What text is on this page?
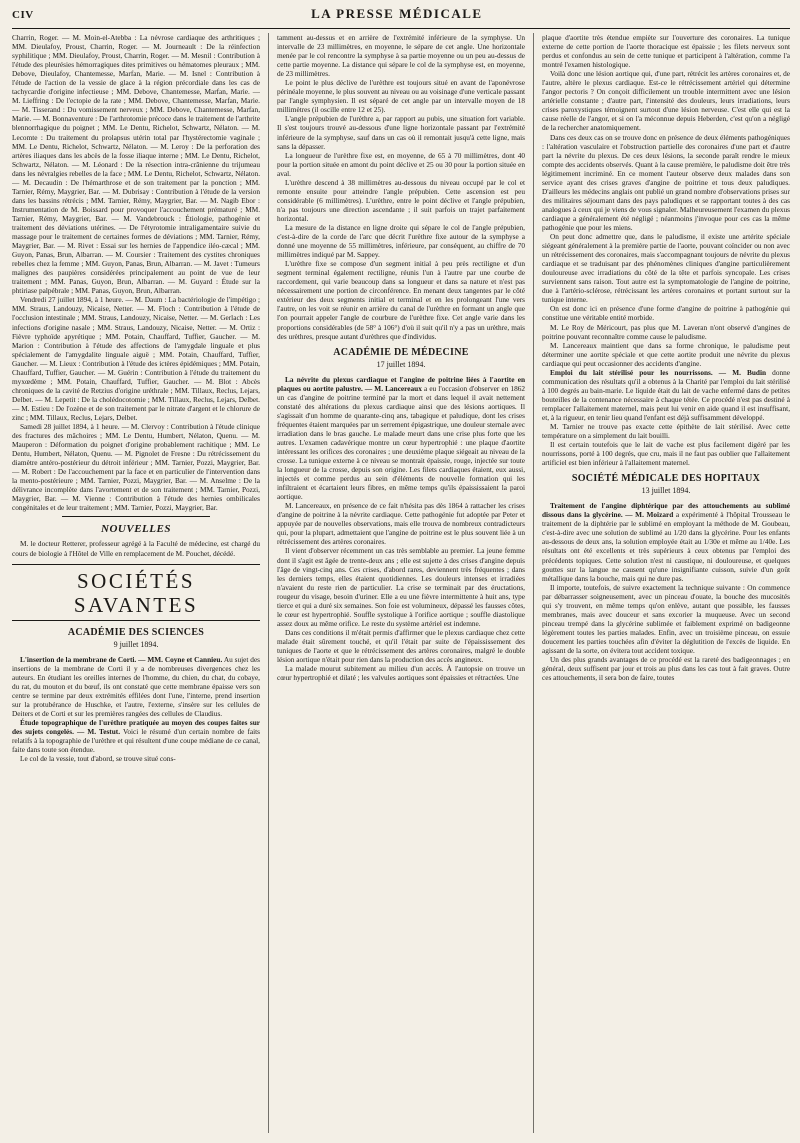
CIV	LA PRESSE MÉDICALE

Charrin, Roger. — M. Moin-el-Atebba : La névrose cardiaque des arthritiques ; MM. Dieulafoy, Proust, Charrin, Roger. — M. Journeault : De la réinfection syphilitique ; MM. Dieulafoy, Proust, Charrin, Roger. — M. Mesnil : Contribution à l'étude des pleurésies hémorragiques dites primitives ou hématomes pleuraux ; MM. Debove, Dieulafoy, Chantemesse, Marfan, Marie. — M. Isnel : Contribution à l'étude de l'action de la vessie de glace à la région précordiale dans les cas de tachycardie d'origine infectieuse ; MM. Debove, Chantemesse, Marfan, Marie. — M. Lieffring : De l'ectopie de la rate ; MM. Debove, Chantemesse, Marfan, Marie. — M. Tisserand : Du vomissement nerveux ; MM. Debove, Chantemesse, Marfan, Marie. — M. Bonnaventure : De l'arthrotomie précoce dans le traitement de l'arthrite blennorrhagique du poignet ; MM. Le Dentu, Richelot, Schwartz, Nélaton. — M. Lecomte : Du traitement du prolapsus utérin total par l'hystérectomie vaginale ; MM. Le Dentu, Richelot, Schwartz, Nélaton. — M. Leroy : De la perforation des artères iliaques dans les abcès de la fosse iliaque interne ; MM. Le Dentu, Richelot, Schwartz, Nélaton. — M. Léonard : De la résection intra-crânienne du trijumeau dans les névralgies rebelles de la face ; MM. Le Dentu, Richelot, Schwartz, Nélaton. — M. Decaudin : De l'hémarthrose et de son traitement par la ponction ; MM. Tarnier, Rémy, Maygrier, Bar. — M. Dubrisay : Contribution à l'étude de la version dans les bassins rétrécis ; MM. Tarnier, Rémy, Maygrier, Bar. — M. Nagib Ebor : Instrumentation de M. Boissard pour provoquer l'accouchement prématuré ; MM. Tarnier, Rémy, Maygrier, Bar. — M. Vandebrouck : Étiologie, pathogénie et traitement des déviations utérines. — De l'étyrotomie intraligamentaire suivie du massage pour le traitement de certaines formes de déviations ; MM. Tarnier, Rémy, Maygrier, Bar. — M. Rivet : Essai sur les hernies de l'appendice iléo-cæcal ; MM. Guyon, Panas, Brun, Albarran. — M. Coursier : Traitement des cystites chroniques rebelles chez la femme ; MM. Guyon, Panas, Brun, Albarran. — M. Javet : Tumeurs malignes des paupières considérées principalement au point de vue de leur traitement ; MM. Panas, Guyon, Brun, Albarran. — M. Guyard : Étude sur la phtiriase palpébrale ; MM. Panas, Guyon, Brun, Albarran.

Vendredi 27 juillet 1894, à 1 heure. — M. Daum : La bactériologie de l'impétigo ; MM. Straus, Landouzy, Nicaise, Netter. — M. Floch : Contribution à l'étude de l'occlusion intestinale ; MM. Straus, Landouzy, Nicaise, Netter. — M. Gerlach : Les infections d'origine nasale ; MM. Straus, Landouzy, Nicaise, Netter. — M. Ortiz : Fièvre typhoïde apyrétique ; MM. Potain, Chauffard, Tuffier, Gaucher. — M. Marion : Contribution à l'étude des affections de l'amygdale linguale et plus spécialement de l'amygdalite linguale aiguë ; MM. Potain, Chauffard, Tuffier, Gaucher. — M. Lieux : Contribution à l'étude des ictères épidémiques ; MM. Potain, Chauffard, Tuffier, Gaucher. — M. Guérin : Contribution à l'étude du traitement du myxœdème ; MM. Potain, Chauffard, Tuffier, Gaucher. — M. Blot : Abcès chroniques de la cavité de Retzius d'origine uréthrale ; MM. Tillaux, Reclus, Lejars, Delbet. — M. Lepetit : De la cholédocotomie ; MM. Tillaux, Reclus, Lejars, Delbet. — M. Estieu : De l'ozène et de son traitement par le nitrate d'argent et le chlorure de zinc ; MM. Tillaux, Reclus, Lejars, Delbet.

Samedi 28 juillet 1894, à 1 heure. — M. Clervoy : Contribution à l'étude clinique des fractures des mâchoires ; MM. Le Dentu, Humbert, Nélaton, Quenu. — M. Mauperon : Déformation du poignet d'origine probablement rachitique ; MM. Le Dentu, Humbert, Nélaton, Quenu. — M. Pignolet de Fresne : Du rétrécissement du diamètre antéro-postérieur du détroit inférieur ; MM. Tarnier, Pozzi, Maygrier, Bar. — M. Robert : De l'accouchement par la face et en particulier de l'intervention dans la mento-postérieure ; MM. Tarnier, Pozzi, Maygrier, Bar. — M. Anselme : De la délivrance incomplète dans l'avortement et de son traitement ; MM. Tarnier, Pozzi, Maygrier, Bar. — M. Vienne : Contribution à l'étude des hernies ombilicales congénitales et de leur traitement ; MM. Tarnier, Pozzi, Maygrier, Bar.

NOUVELLES

M. le docteur Retterer, professeur agrégé à la Faculté de médecine, est chargé du cours de biologie à l'Hôtel de Ville en remplacement de M. Pouchet, décédé.

SOCIÉTÉS SAVANTES
ACADÉMIE DES SCIENCES
9 juillet 1894.

L'insertion de la membrane de Corti. — MM. Coyne et Cannieu. Au sujet des insertions de la membrane de Corti il y a de nombreuses divergences chez les auteurs. En étudiant les oreilles internes de l'homme, du chien, du chat, du cobaye, du rat, du mouton et du bœuf, ils ont constaté que cette membrane épaisse vers son centre se termine par deux extrémités effilées dont l'une, l'interne, prend insertion sur la protubérance de Huschke, et l'autre, l'externe, s'insère sur les cellules de Deiters et de Corti et sur les premières rangées des cellules de Claudius.

Étude topographique de l'urèthre pratiquée au moyen des coupes faites sur des sujets congelés. — M. Testut. Voici le résumé d'un certain nombre de faits relatifs à la topographie de l'urèthre et qui résultent d'une coupe médiane de ce canal, faite dans toute son étendue.

Le col de la vessie, tout d'abord, se trouve situé cons-

tamment au-dessus et en arrière de l'extrémité inférieure de la symphyse. Un intervalle de 23 millimètres, en moyenne, le sépare de cet angle. Une horizontale menée par le col rencontre la symphyse à sa partie moyenne ou un peu au-dessus de cette partie moyenne. La distance qui sépare le col de la symphyse est, en moyenne, de 23 millimètres.

Le point le plus déclive de l'urèthre est toujours situé en avant de l'aponévrose périnéale moyenne, le plus souvent au niveau ou au voisinage d'une verticale passant par l'angle symphysien. Il est séparé de cet angle par un intervalle moyen de 18 millimètres (il oscille entre 12 et 25).

L'angle prépubien de l'urèthre a, par rapport au pubis, une situation fort variable. Il s'est toujours trouvé au-dessous d'une ligne horizontale passant par l'extrémité inférieure de la symphyse, sauf dans un cas où il remontait jusqu'à cette ligne, mais sans la dépasser.

La longueur de l'urèthre fixe est, en moyenne, de 65 à 70 millimètres, dont 40 pour la portion située en amont du point déclive et 25 ou 30 pour la portion située en aval.

L'urèthre descend à 38 millimètres au-dessous du niveau occupé par le col et remonte ensuite pour atteindre l'angle prépubien. Cette ascension est peu considérable (6 millimètres). L'urèthre, entre le point déclive et l'angle prépubien, n'a pas toujours une direction ascendante ; il suit parfois un trajet parfaitement horizontal.

La mesure de la distance en ligne droite qui sépare le col de l'angle prépubien, c'est-à-dire de la corde de l'arc que décrit l'urèthre fixe autour de la symphyse a donné une moyenne de 55 millimètres, inférieure, par conséquent, au chiffre de 70 millimètres indiqué par M. Sappey.

L'urèthre fixe se compose d'un segment initial à peu près rectiligne et d'un segment terminal également rectiligne, réunis l'un à l'autre par une courbe de raccordement, qui varie beaucoup dans sa longueur et dans sa nature et n'est pas nécessairement une portion de circonférence. En menant deux tangentes par le côté extérieur des deux segments initial et terminal et en les prolongeant l'une vers l'autre, on les voit se réunir en arrière du canal de l'urèthre en formant un angle que l'on pourrait appeler l'angle de courbure de l'urèthre fixe. Cet angle varie dans les proportions considérables (de 58° à 106°) d'où il suit qu'il n'y a pas un urèthre, mais des urèthres, presque autant d'urèthres que d'individus.

ACADÉMIE DE MÉDECINE
17 juillet 1894.

La névrite du plexus cardiaque et l'angine de poitrine liées à l'aortite en plaques ou aortite palustre. — M. Lancereaux a eu l'occasion d'observer en 1862 un cas d'angine de poitrine terminé par la mort et dans lequel il avait nettement constaté des altérations du plexus cardiaque ainsi que des lésions aortiques. Il s'agissait d'un homme de quarante-cinq ans, tabagique et paludique, dont les crises fréquentes étaient marquées par un serrement épigastrique, une douleur sternale avec irradiation dans le bras gauche. Le malade meurt dans une crise plus forte que les autres. L'examen cadavérique montre un cœur hypertrophié : une plaque d'aortite intéressant les orifices des coronaires ; une deuxième plaque siégeait au niveau de la crosse. La tunique externe à ce niveau se montrait épaissie, rouge, injectée sur toute la longueur de la crosse, depuis son origine. Les filets cardiaques étaient, eux aussi, injectés et comme perdus au sein d'éléments de nouvelle formation qui les infiltraient et écartaient leurs fibres, en même temps qu'ils épaississaient la paroi aortique.

M. Lancereaux, en présence de ce fait n'hésita pas dès 1864 à rattacher les crises d'angine de poitrine à la névrite cardiaque. Cette pathogénie fut adoptée par Peter et appuyée par de nouvelles observations, mais elle trouva de nombreux contradicteurs qui, pour la plupart, admettaient que l'angine de poitrine est le plus souvent liée à un rétrécissement des artères coronaires.

Il vient d'observer récemment un cas très semblable au premier. La jeune femme dont il s'agit est âgée de trente-deux ans ; elle est sujette à des crises d'angine depuis l'âge de vingt-cinq ans. Ces crises, d'abord rares, deviennent très fréquentes ; dans les derniers temps, elles étaient quotidiennes. Les douleurs intenses et irradiées n'avaient du reste rien de particulier. La crise se terminait par des éructations, rougeur du visage, besoin d'uriner. Elle a eu une fièvre intermittente à huit ans, type tierce et qui a duré six semaines. Son foie est volumineux, dépassé les fausses côtes, le cœur est hypertrophié. Souffle systolique à l'orifice aortique ; souffle diastolique assez doux au même orifice. Le reste du système artériel est indemne.

Dans ces conditions il m'était permis d'affirmer que le plexus cardiaque chez cette malade était sûrement touché, et qu'il l'était par suite de l'épaississement des tuniques de l'aorte et que le rétrécissement des artères coronaires, malgré le double lésion aortique n'était pour rien dans la production des accès angineux.

La malade mourut subitement au milieu d'un accès. À l'autopsie on trouve un cœur hypertrophié et dilaté ; les valvules aortiques sont épaissies et rétractées. Une

plaque d'aortite très étendue empiète sur l'ouverture des coronaires. La tunique externe de cette portion de l'aorte thoracique est épaissie ; les filets nerveux sont perdus et confondus au sein de cette tunique et participent à l'altération, comme l'a montré l'examen histologique.

Voilà donc une lésion aortique qui, d'une part, rétrécit les artères coronaires et, de l'autre, altère le plexus cardiaque. Est-ce le rétrécissement artériel qui détermine l'angor pectoris ? On conçoit difficilement un trouble intermittent avec une lésion artérielle constante ; d'autre part, l'intensité des douleurs, leurs irradiations, leurs crises paroxystiques témoignent surtout d'une lésion nerveuse. C'est elle qui est la cause réelle de l'angor, et si on l'a méconnue depuis Heberden, c'est qu'on a négligé de la rechercher anatomiquement.

Dans ces deux cas on se trouve donc en présence de deux éléments pathogéniques : l'altération vasculaire et l'obstruction partielle des coronaires d'une part et d'autre part la névrite du plexus. De ces deux lésions, la seconde paraît rendre le mieux compte des accidents observés. Quant à la cause première, le paludisme doit être très légitimement incriminé. En ce moment l'auteur observe deux malades dans son service ayant des crises graves d'angine de poitrine et tous deux paludiques. D'ailleurs les médecins anglais ont publié un grand nombre d'observations prises sur des militaires séjournant dans des pays paludiques et se rapportant toutes à des cas analogues à ceux qui je viens de vous signaler. Malheureusement l'examen du plexus cardiaque a généralement été négligé ; néanmoins j'invoque pour ces cas la même pathogénie que pour les miens.

On peut donc admettre que, dans le paludisme, il existe une artérite spéciale siégeant généralement à la première partie de l'aorte, pouvant coïncider ou non avec un rétrécissement des coronaires, mais s'accompagnant toujours de névrite du plexus cardiaque et se traduisant par des phénomènes cliniques d'angine particulièrement douloureuse avec irradiations du côté de la tête et parfois syncopale. Les crises surviennent sans raison. Tout autre est la symptomatologie de l'angine de poitrine, due à l'artério-sclérose, rétrécissant les artères coronaires et portant surtout sur la tunique interne.

On est donc ici en présence d'une forme d'angine de poitrine à pathogénie qui constitue une véritable entité morbide.

M. Le Roy de Méricourt, pas plus que M. Laveran n'ont observé d'angines de poitrine pouvant reconnaître comme cause le paludisme.

M. Lancereaux maintient que dans sa forme chronique, le paludisme peut déterminer une aortite spéciale et que cette aortite produit une névrite du plexus cardiaque qui peut occasionner des accidents d'angine.

Emploi du lait stérilisé pour les nourrissons. — M. Budin donne communication des résultats qu'il a obtenus à la Charité par l'emploi du lait stérilisé à 100 degrés au bain-marie. Le liquide était du lait de vache enfermé dans de petites bouteilles de la contenance nécessaire à chaque tétée. Ce procédé n'est pas destiné à remplacer l'allaitement maternel, mais peut lui venir en aide quand il est insuffisant, et, à la rigueur, en tenir lieu quand l'enfant est déjà suffisamment développé.

M. Tarnier ne trouve pas exacte cette épithète de lait stérilisé. Avec cette température on a simplement du lait bouilli.

Il est certain toutefois que le lait de vache est plus facilement digéré par les nourrissons, porté à 100 degrés, que cru, mais il ne faut pas oublier que l'allaitement artificiel est bien inférieur à l'allaitement maternel.

SOCIÉTÉ MÉDICALE DES HOPITAUX
13 juillet 1894.

Traitement de l'angine diphtérique par des attouchements au sublimé dissous dans la glycérine. — M. Moizard a expérimenté à l'hôpital Trousseau le traitement de la diphtérie par le sublimé en employant la méthode de M. Goubeau, c'est-à-dire avec une solution de sublimé au 1/20 dans la glycérine. Pour les enfants au-dessous de deux ans, la solution employée était au 1/30e et même au 1/40e. Les résultats ont été excellents et très supérieurs à ceux obtenus par l'emploi des précédents topiques. Cette solution n'est ni caustique, ni douloureuse, et quelques gouttes sur la langue ne causent qu'une insignifiante cuisson, suivie d'un goût métallique dans la bouche, mais qui ne dure pas.

Il importe, toutefois, de suivre exactement la technique suivante : On commence par débarrasser soigneusement, avec un pinceau d'ouate, la bouche des mucosités qui s'y trouvent, en même temps qu'on enlève, autant que possible, les fausses membranes, mais avec douceur et sans excorier la muqueuse. Avec un second pinceau trempé dans la glycérine sublimée et faiblement exprimé on badigeonne légèrement toutes les parties malades. Enfin, avec un troisième pinceau, on essuie doucement les parties touchées afin d'éviter la déglutition de l'excès de liquide. En agissant de la sorte, on évitera tout accident toxique.

Un des plus grands avantages de ce procédé est la rareté des badigeonnages ; en général, deux suffisent par jour et trois au plus dans les cas tout à fait graves. Outre ces attouchements, il sera bon de faire, toutes
